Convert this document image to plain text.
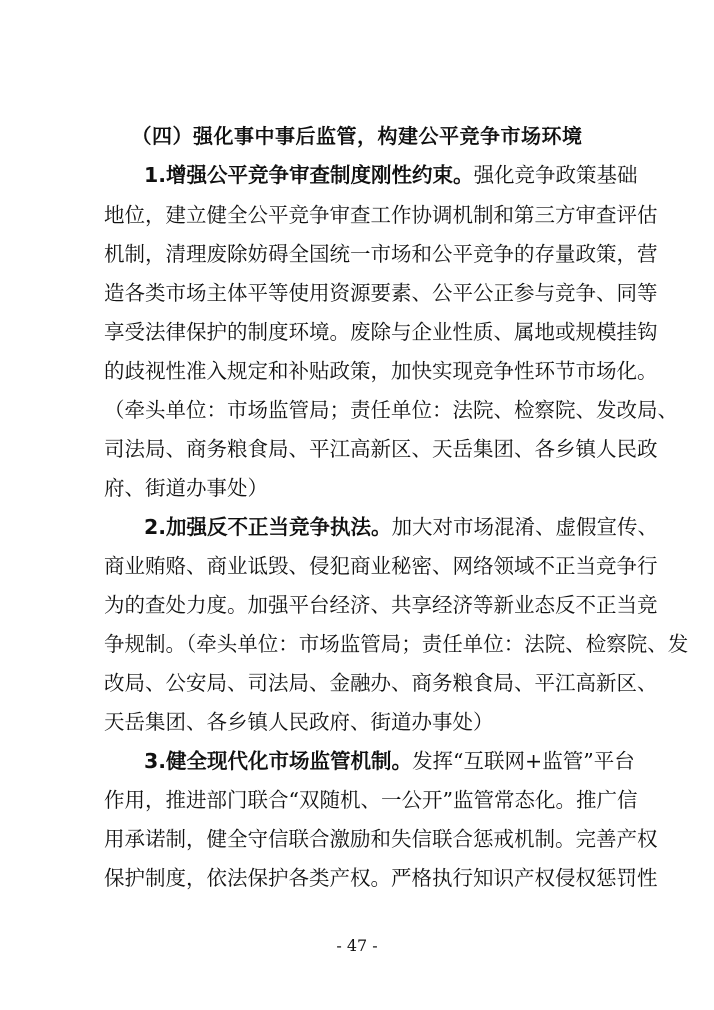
（四）强化事中事后监管，构建公平竞争市场环境
1.增强公平竞争审查制度刚性约束。强化竞争政策基础
地位，建立健全公平竞争审查工作协调机制和第三方审查评估
机制，清理废除妨碍全国统一市场和公平竞争的存量政策，营
造各类市场主体平等使用资源要素、公平公正参与竞争、同等
享受法律保护的制度环境。废除与企业性质、属地或规模挂钩
的歧视性准入规定和补贴政策，加快实现竞争性环节市场化。
（牵头单位：市场监管局；责任单位：法院、检察院、发改局、
司法局、商务粮食局、平江高新区、天岳集团、各乡镇人民政
府、街道办事处）
2.加强反不正当竞争执法。加大对市场混淆、虚假宣传、
商业贿赂、商业诋毁、侵犯商业秘密、网络领域不正当竞争行
为的查处力度。加强平台经济、共享经济等新业态反不正当竞
争规制。（牵头单位：市场监管局；责任单位：法院、检察院、发
改局、公安局、司法局、金融办、商务粮食局、平江高新区、
天岳集团、各乡镇人民政府、街道办事处）
3.健全现代化市场监管机制。发挥“互联网+监管”平台
作用，推进部门联合“双随机、一公开”监管常态化。推广信
用承诺制，健全守信联合激励和失信联合惩戒机制。完善产权
保护制度，依法保护各类产权。严格执行知识产权侵权惩罚性
- 47 -
